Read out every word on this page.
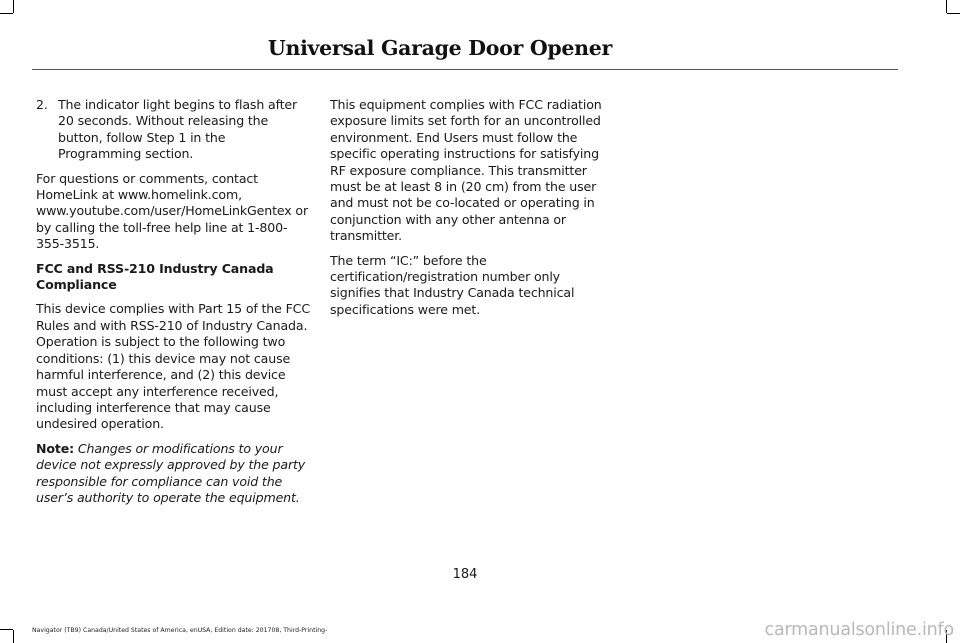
Universal Garage Door Opener
2. The indicator light begins to flash after 20 seconds. Without releasing the button, follow Step 1 in the Programming section.

For questions or comments, contact HomeLink at www.homelink.com, www.youtube.com/user/HomeLinkGentex or by calling the toll-free help line at 1-800-355-3515.

FCC and RSS-210 Industry Canada Compliance

This device complies with Part 15 of the FCC Rules and with RSS-210 of Industry Canada. Operation is subject to the following two conditions: (1) this device may not cause harmful interference, and (2) this device must accept any interference received, including interference that may cause undesired operation.

Note: Changes or modifications to your device not expressly approved by the party responsible for compliance can void the user’s authority to operate the equipment.

This equipment complies with FCC radiation exposure limits set forth for an uncontrolled environment. End Users must follow the specific operating instructions for satisfying RF exposure compliance. This transmitter must be at least 8 in (20 cm) from the user and must not be co-located or operating in conjunction with any other antenna or transmitter.

The term “IC:” before the certification/registration number only signifies that Industry Canada technical specifications were met.

184
Navigator (TB9) Canada/United States of America, enUSA, Edition date: 201708, Third-Printing-	carmanualsonline.info
